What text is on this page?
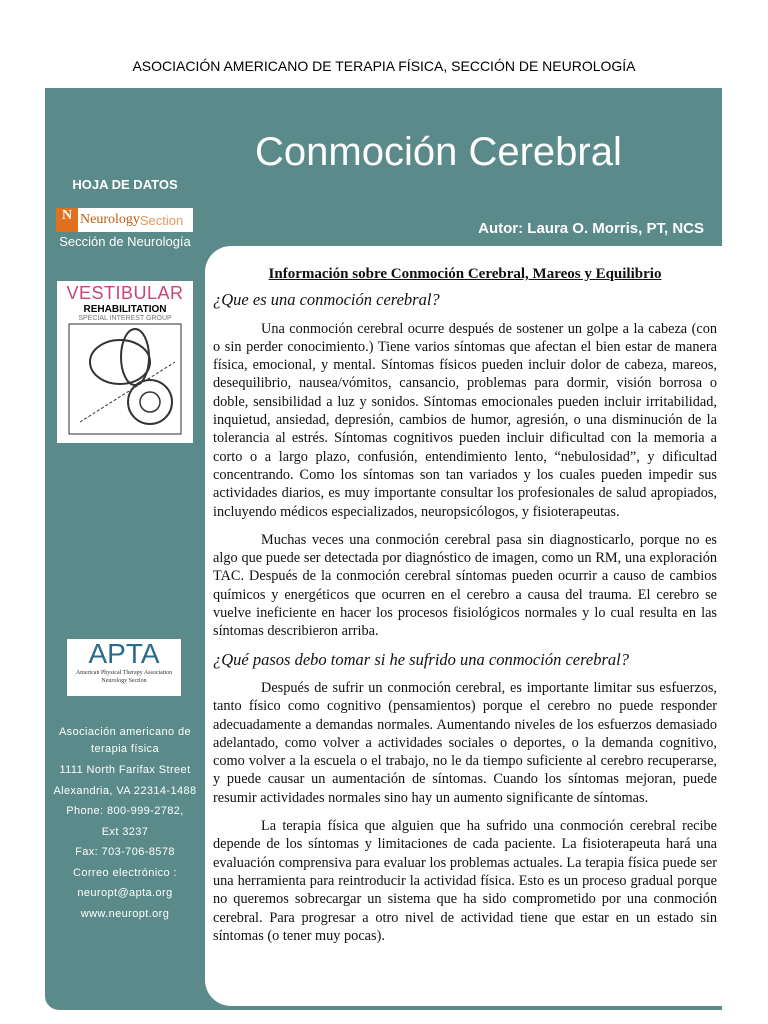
ASOCIACIÓN AMERICANO DE TERAPIA FÍSICA, SECCIÓN DE NEUROLOGÍA
Conmoción Cerebral
Autor: Laura O. Morris, PT, NCS
HOJA DE DATOS
N Neurology Section
Sección de Neurología
VESTIBULAR
REHABILITATION
SPECIAL INTEREST GROUP
APTA
American Physical Therapy Association
Neurology Section
Asociación americano de terapia física
1111 North Farifax Street
Alexandria, VA 22314-1488
Phone: 800-999-2782,
Ext 3237
Fax: 703-706-8578
Correo electrónico :
neuropt@apta.org
www.neuropt.org
Información sobre Conmoción Cerebral, Mareos y Equilibrio
¿Que es una conmoción cerebral?

Una conmoción cerebral ocurre después de sostener un golpe a la cabeza (con o sin perder conocimiento.) Tiene varios síntomas que afectan el bien estar de manera física, emocional, y mental. Síntomas físicos pueden incluir dolor de cabeza, mareos, desequilibrio, nausea/vómitos, cansancio, problemas para dormir, visión borrosa o doble, sensibilidad a luz y sonidos. Síntomas emocionales pueden incluir irritabilidad, inquietud, ansiedad, depresión, cambios de humor, agresión, o una disminución de la tolerancia al estrés. Síntomas cognitivos pueden incluir dificultad con la memoria a corto o a largo plazo, confusión, entendimiento lento, “nebulosidad”, y dificultad concentrando. Como los síntomas son tan variados y los cuales pueden impedir sus actividades diarios, es muy importante consultar los profesionales de salud apropiados, incluyendo médicos especializados, neuropsicólogos, y fisioterapeutas.

Muchas veces una conmoción cerebral pasa sin diagnosticarlo, porque no es algo que puede ser detectada por diagnóstico de imagen, como un RM, una exploración TAC. Después de la conmoción cerebral síntomas pueden ocurrir a causo de cambios químicos y energéticos que ocurren en el cerebro a causa del trauma. El cerebro se vuelve ineficiente en hacer los procesos fisiológicos normales y lo cual resulta en las síntomas describieron arriba.

¿Qué pasos debo tomar si he sufrido una conmoción cerebral?

Después de sufrir un conmoción cerebral, es importante limitar sus esfuerzos, tanto físico como cognitivo (pensamientos) porque el cerebro no puede responder adecuadamente a demandas normales. Aumentando niveles de los esfuerzos demasiado adelantado, como volver a actividades sociales o deportes, o la demanda cognitivo, como volver a la escuela o el trabajo, no le da tiempo suficiente al cerebro recuperarse, y puede causar un aumentación de síntomas. Cuando los síntomas mejoran, puede resumir actividades normales sino hay un aumento significante de síntomas.

La terapia física que alguien que ha sufrido una conmoción cerebral recibe depende de los síntomas y limitaciones de cada paciente. La fisioterapeuta hará una evaluación comprensiva para evaluar los problemas actuales. La terapia física puede ser una herramienta para reintroducir la actividad física. Esto es un proceso gradual porque no queremos sobrecargar un sistema que ha sido comprometido por una conmoción cerebral. Para progresar a otro nivel de actividad tiene que estar en un estado sin síntomas (o tener muy pocas).
